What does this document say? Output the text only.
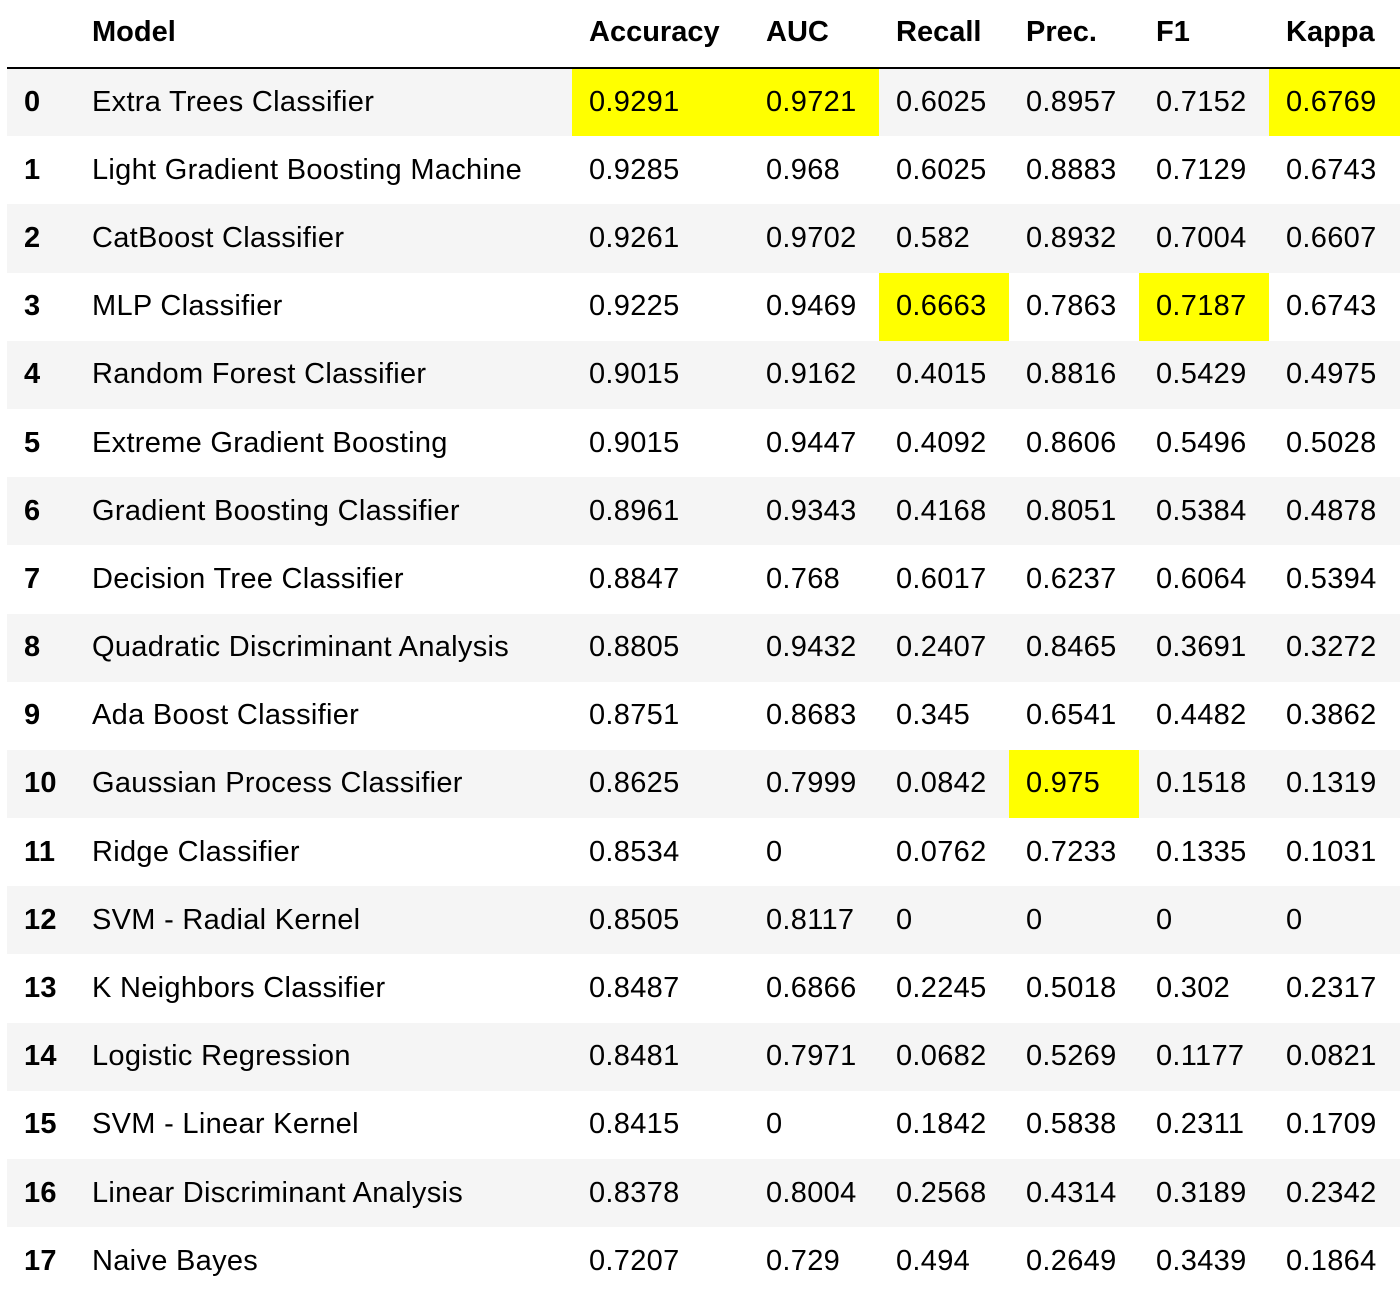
	Model	Accuracy	AUC	Recall	Prec.	F1	Kappa
0	Extra Trees Classifier	0.9291	0.9721	0.6025	0.8957	0.7152	0.6769
1	Light Gradient Boosting Machine	0.9285	0.968	0.6025	0.8883	0.7129	0.6743
2	CatBoost Classifier	0.9261	0.9702	0.582	0.8932	0.7004	0.6607
3	MLP Classifier	0.9225	0.9469	0.6663	0.7863	0.7187	0.6743
4	Random Forest Classifier	0.9015	0.9162	0.4015	0.8816	0.5429	0.4975
5	Extreme Gradient Boosting	0.9015	0.9447	0.4092	0.8606	0.5496	0.5028
6	Gradient Boosting Classifier	0.8961	0.9343	0.4168	0.8051	0.5384	0.4878
7	Decision Tree Classifier	0.8847	0.768	0.6017	0.6237	0.6064	0.5394
8	Quadratic Discriminant Analysis	0.8805	0.9432	0.2407	0.8465	0.3691	0.3272
9	Ada Boost Classifier	0.8751	0.8683	0.345	0.6541	0.4482	0.3862
10	Gaussian Process Classifier	0.8625	0.7999	0.0842	0.975	0.1518	0.1319
11	Ridge Classifier	0.8534	0	0.0762	0.7233	0.1335	0.1031
12	SVM - Radial Kernel	0.8505	0.8117	0	0	0	0
13	K Neighbors Classifier	0.8487	0.6866	0.2245	0.5018	0.302	0.2317
14	Logistic Regression	0.8481	0.7971	0.0682	0.5269	0.1177	0.0821
15	SVM - Linear Kernel	0.8415	0	0.1842	0.5838	0.2311	0.1709
16	Linear Discriminant Analysis	0.8378	0.8004	0.2568	0.4314	0.3189	0.2342
17	Naive Bayes	0.7207	0.729	0.494	0.2649	0.3439	0.1864
